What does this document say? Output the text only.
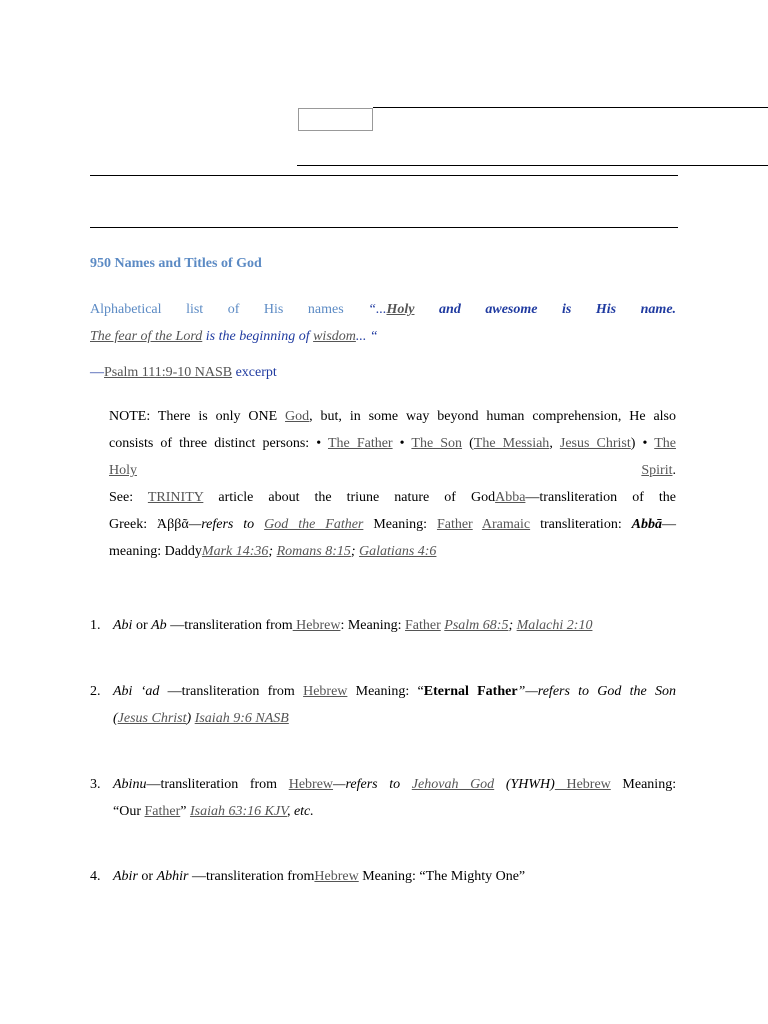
950 Names and Titles of God
Alphabetical list of His names “...Holy and awesome is His name.
The fear of the Lord is the beginning of wisdom... “
—Psalm 111:9-10 NASB excerpt
NOTE: There is only ONE God, but, in some way beyond human comprehension, He also
consists of three distinct persons: • The Father • The Son (The Messiah, Jesus Christ) • The
Holy	Spirit.
See: TRINITY article about the triune nature of GodAbba—transliteration of the
Greek: Ἀββᾶ—refers to God the Father Meaning: Father Aramaic transliteration: Abbā—
meaning: DaddyMark 14:36; Romans 8:15; Galatians 4:6
1. Abi or Ab —transliteration from Hebrew: Meaning: Father Psalm 68:5; Malachi 2:10
2. Abi ‘ad —transliteration from Hebrew Meaning: “Eternal Father”—refers to God the Son
(Jesus Christ) Isaiah 9:6 NASB
3. Abinu—transliteration from Hebrew—refers to Jehovah God (YHWH) Hebrew Meaning:
“Our Father” Isaiah 63:16 KJV, etc.
4. Abir or Abhir —transliteration fromHebrew Meaning: “The Mighty One”
